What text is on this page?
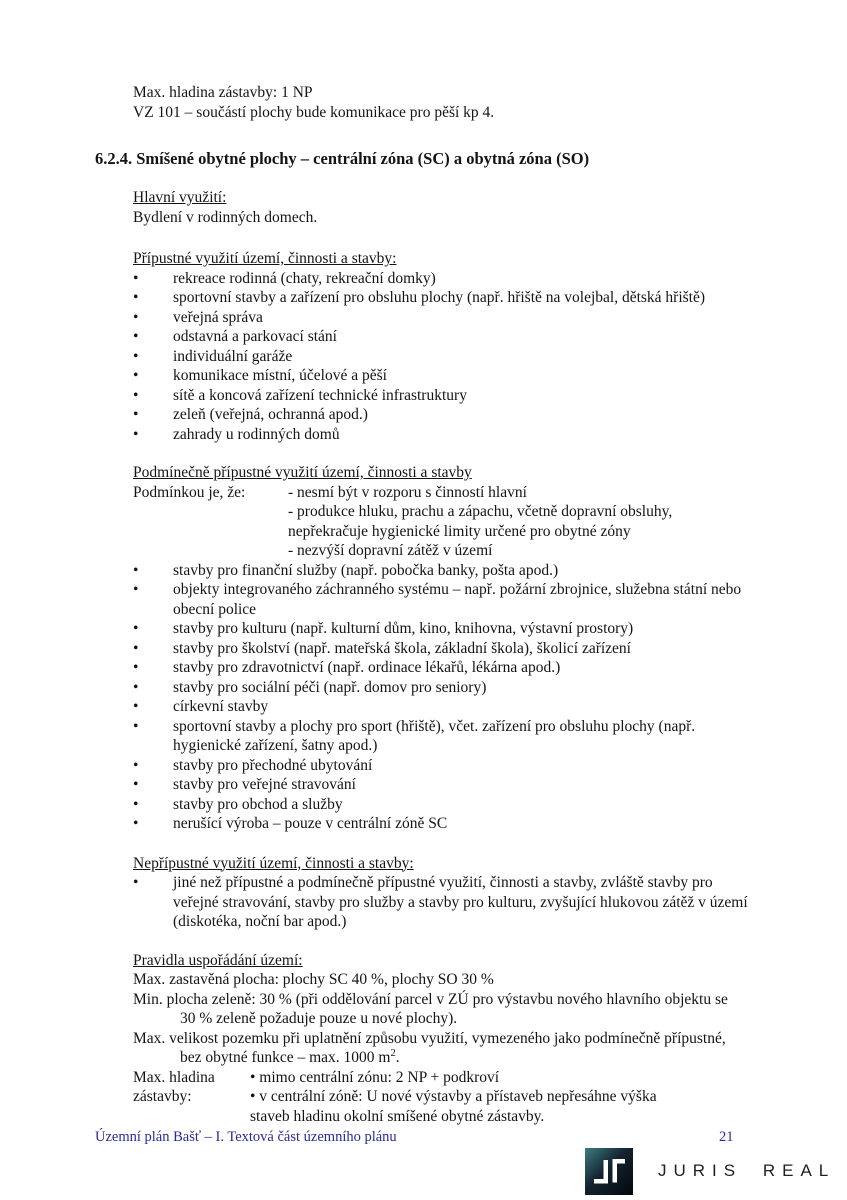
Max. hladina zástavby: 1 NP
VZ 101 – součástí plochy bude komunikace pro pěší kp 4.
6.2.4. Smíšené obytné plochy – centrální zóna (SC) a obytná zóna (SO)
Hlavní využití:
Bydlení v rodinných domech.
Přípustné využití území, činnosti a stavby:
•	rekreace rodinná (chaty, rekreační domky)
•	sportovní stavby a zařízení pro obsluhu plochy (např. hřiště na volejbal, dětská hřiště)
•	veřejná správa
•	odstavná a parkovací stání
•	individuální garáže
•	komunikace místní, účelové a pěší
•	sítě a koncová zařízení technické infrastruktury
•	zeleň (veřejná, ochranná apod.)
•	zahrady u rodinných domů
Podmínečně přípustné využití území, činnosti a stavby
Podmínkou je, že:	- nesmí být v rozporu s činností hlavní
- produkce hluku, prachu a zápachu, včetně dopravní obsluhy,
nepřekračuje hygienické limity určené pro obytné zóny
- nezvýší dopravní zátěž v území
•	stavby pro finanční služby (např. pobočka banky, pošta apod.)
•	objekty integrovaného záchranného systému – např. požární zbrojnice, služebna státní nebo obecní police
•	stavby pro kulturu (např. kulturní dům, kino, knihovna, výstavní prostory)
•	stavby pro školství (např. mateřská škola, základní škola), školicí zařízení
•	stavby pro zdravotnictví (např. ordinace lékařů, lékárna apod.)
•	stavby pro sociální péči (např. domov pro seniory)
•	církevní stavby
•	sportovní stavby a plochy pro sport (hřiště), včet. zařízení pro obsluhu plochy (např. hygienické zařízení, šatny apod.)
•	stavby pro přechodné ubytování
•	stavby pro veřejné stravování
•	stavby pro obchod a služby
•	nerušící výroba – pouze v centrální zóně SC
Nepřípustné využití území, činnosti a stavby:
•	jiné než přípustné a podmínečně přípustné využití, činnosti a stavby, zvláště stavby pro veřejné stravování, stavby pro služby a stavby pro kulturu, zvyšující hlukovou zátěž v území (diskotéka, noční bar apod.)
Pravidla uspořádání území:
Max. zastavěná plocha: plochy SC 40 %, plochy SO 30 %
Min. plocha zeleně: 30 % (při oddělování parcel v ZÚ pro výstavbu nového hlavního objektu se
30 % zeleně požaduje pouze u nové plochy).
Max. velikost pozemku při uplatnění způsobu využití, vymezeného jako podmínečně přípustné,
bez obytné funkce – max. 1000 $m^2$.
Max. hladina zástavby:
• mimo centrální zónu: 2 NP + podkroví
• v centrální zóně: U nové výstavby a přístaveb nepřesáhne výška
staveb hladinu okolní smíšené obytné zástavby.
Územní plán Bašť – I. Textová část územního plánu	21
JURIS REAL
